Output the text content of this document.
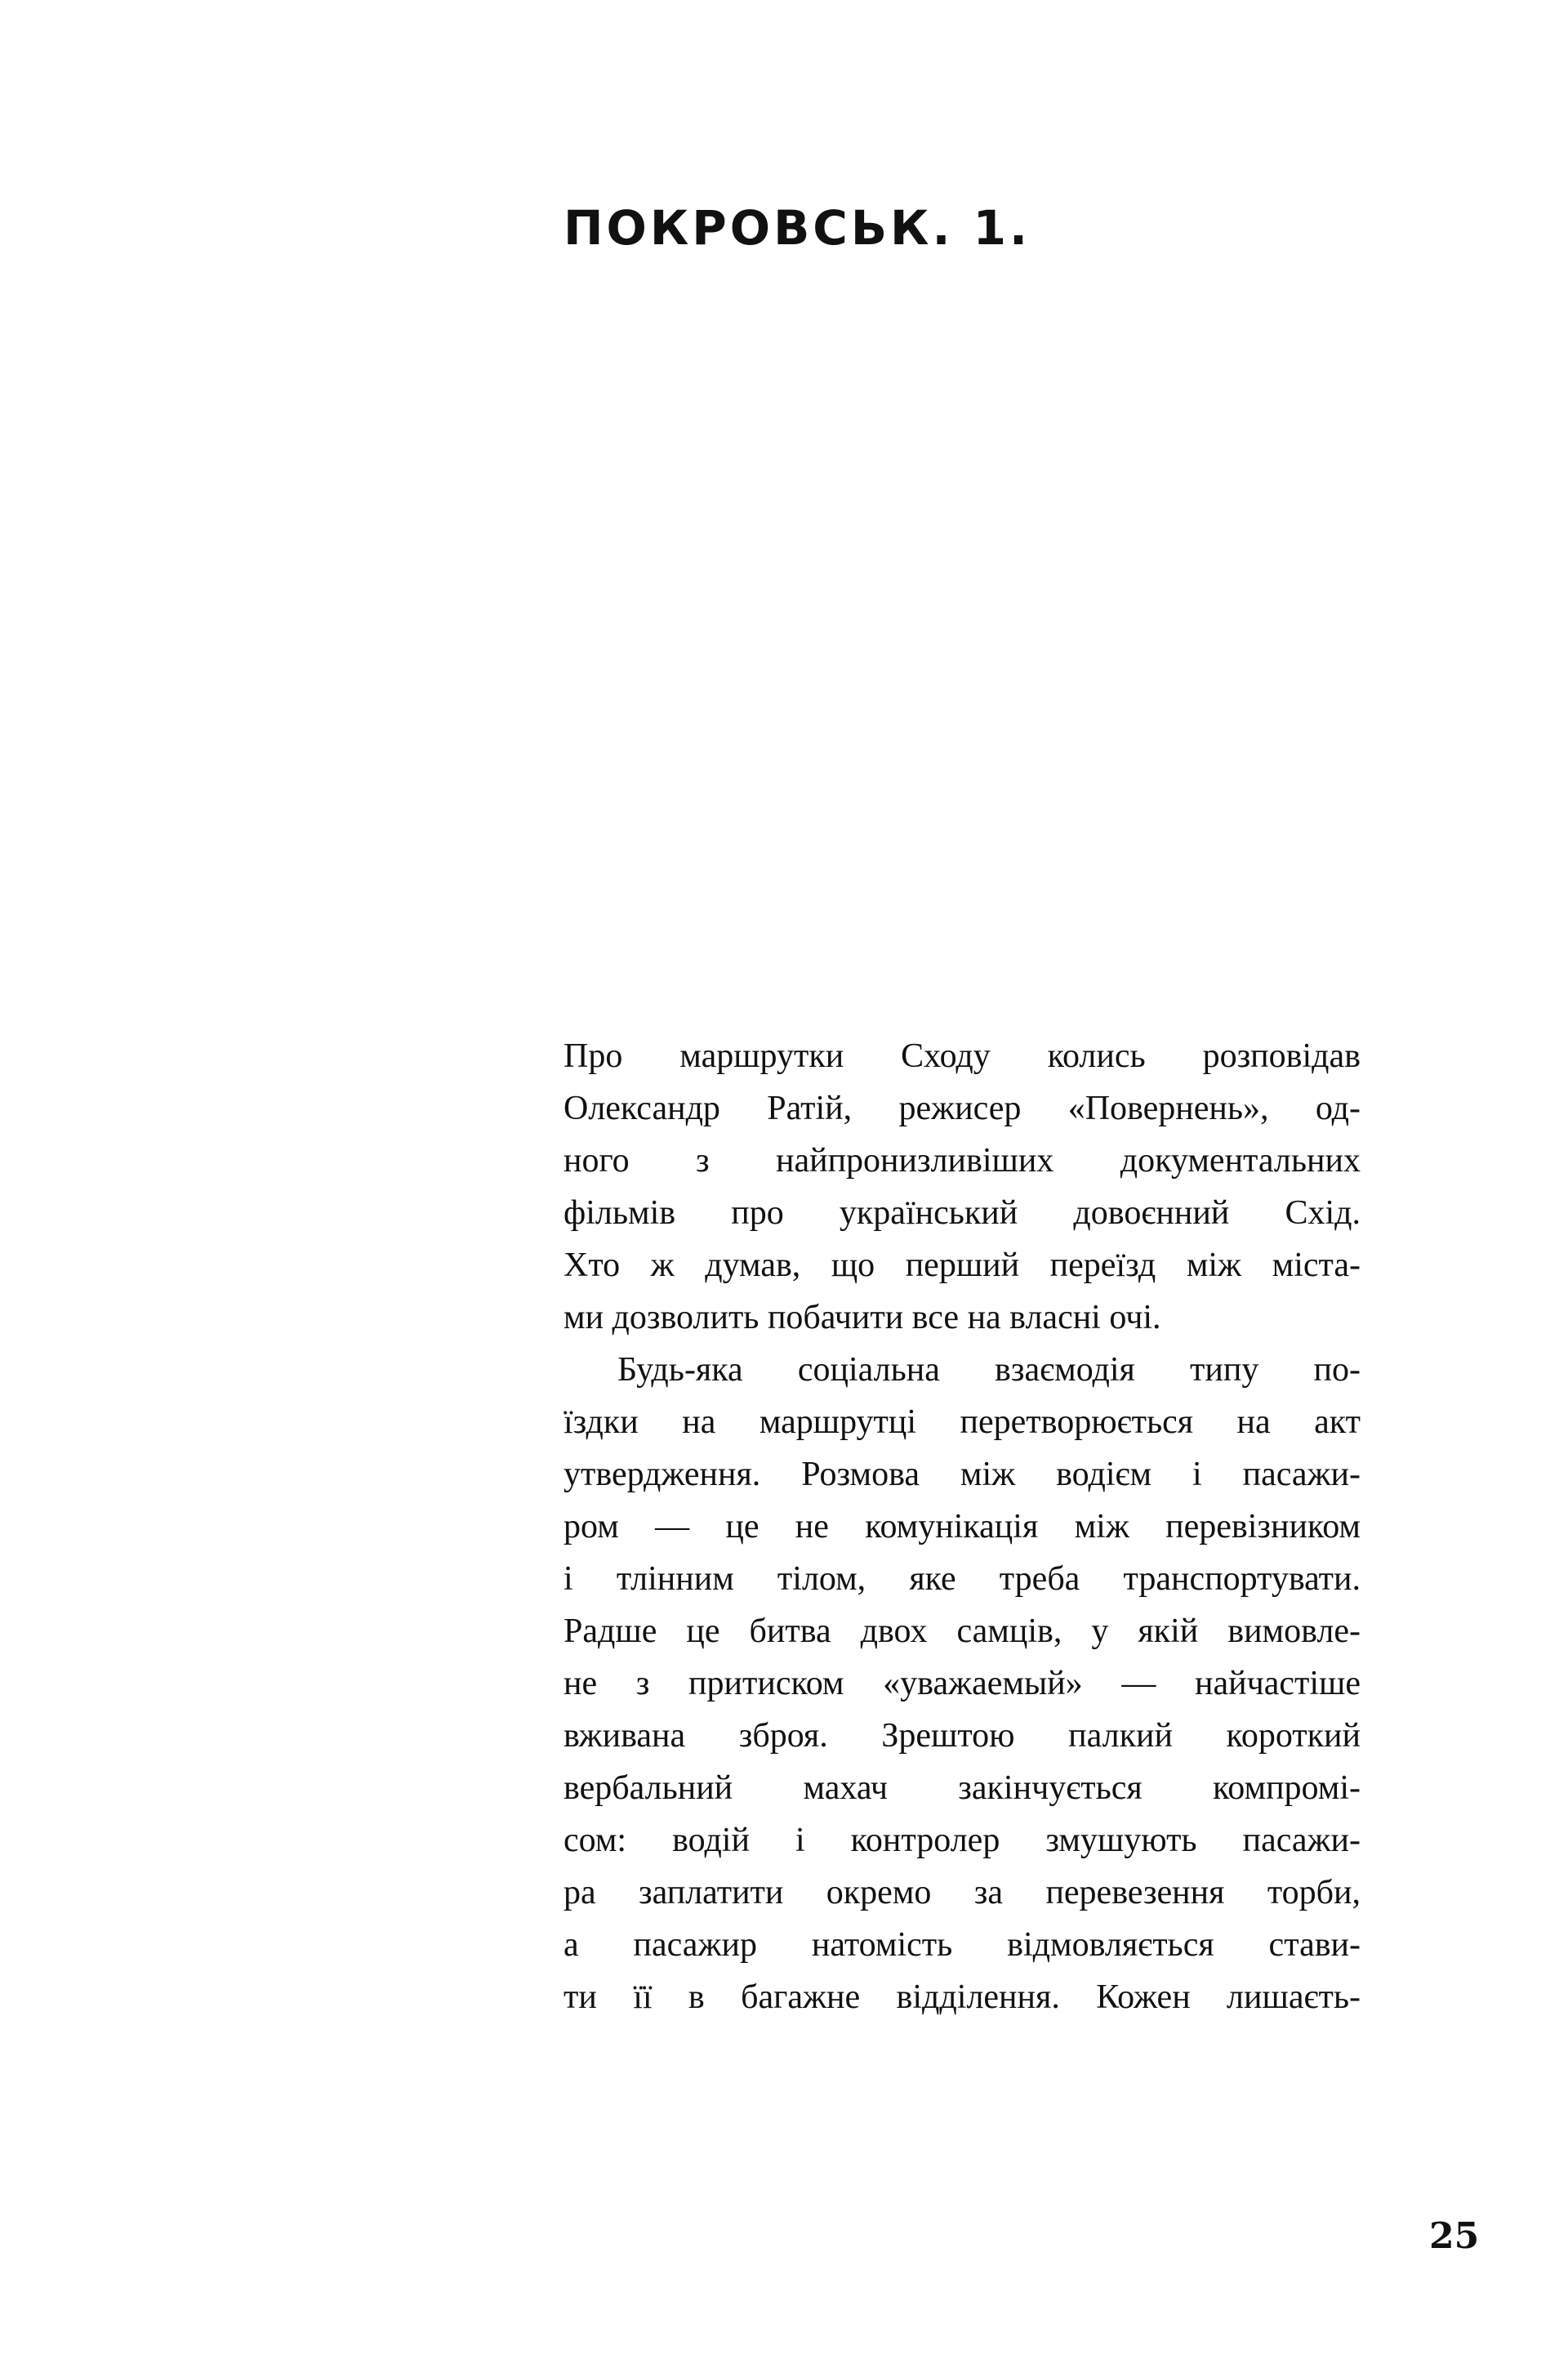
ПОКРОВСЬК. 1.
Про маршрутки Сходу колись розповідав
Олександр Ратій, режисер «Повернень», од-
ного з найпронизливіших документальних
фільмів про український довоєнний Схід.
Хто ж думав, що перший переїзд між міста-
ми дозволить побачити все на власні очі.
Будь-яка соціальна взаємодія типу по-
їздки на маршрутці перетворюється на акт
утвердження. Розмова між водієм і пасажи-
ром — це не комунікація між перевізником
і тлінним тілом, яке треба транспортувати.
Радше це битва двох самців, у якій вимовле-
не з притиском «уважаемый» — найчастіше
вживана зброя. Зрештою палкий короткий
вербальний махач закінчується компромі-
сом: водій і контролер змушують пасажи-
ра заплатити окремо за перевезення торби,
а пасажир натомість відмовляється стави-
ти її в багажне відділення. Кожен лишаєть-
25
